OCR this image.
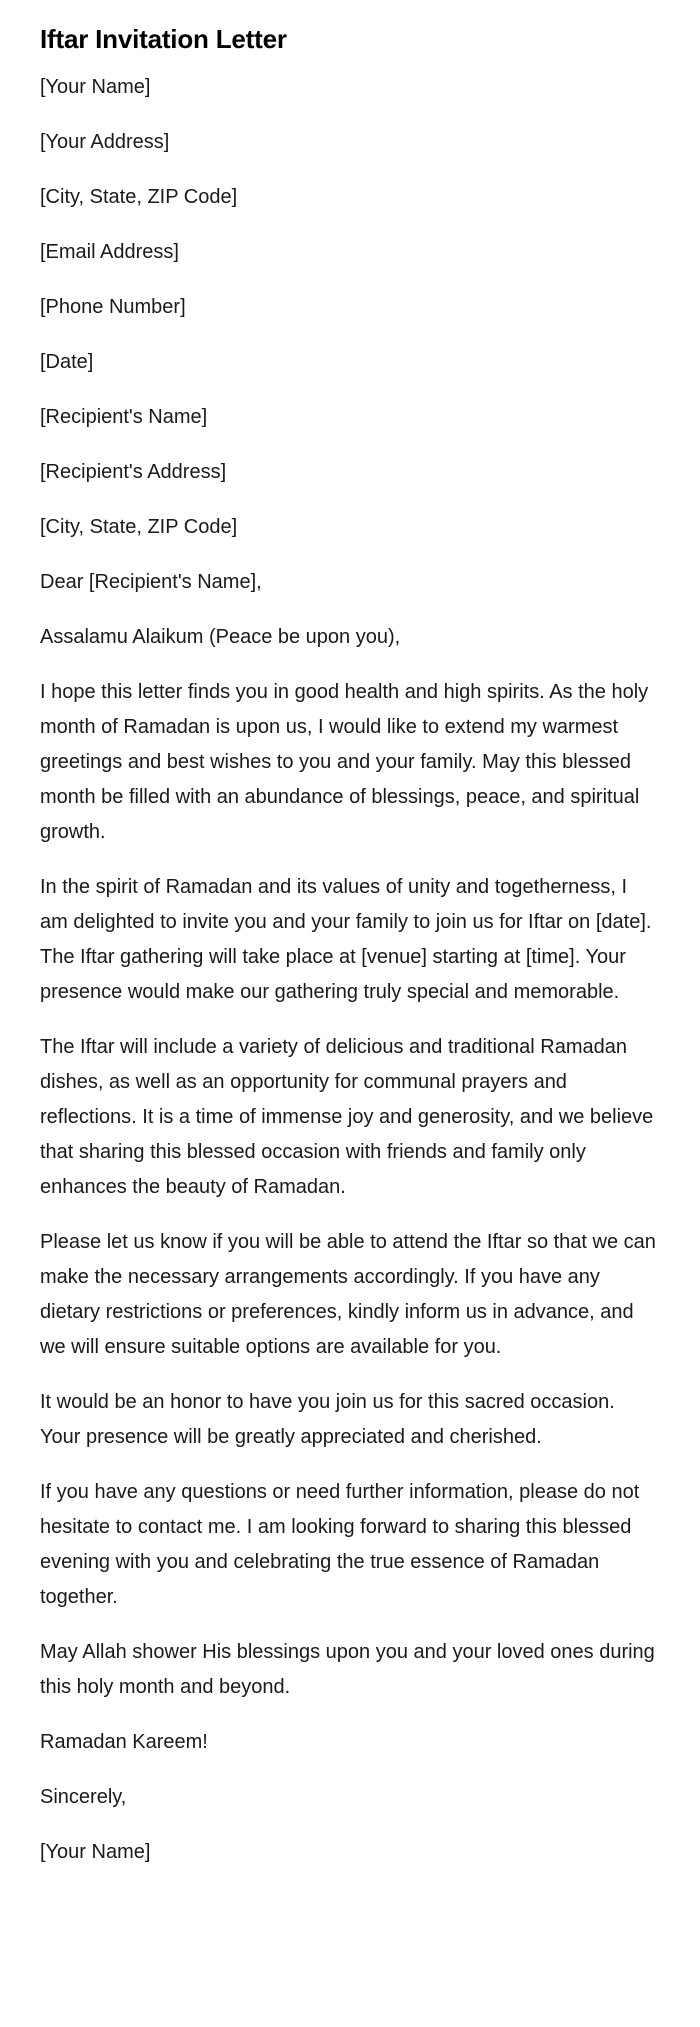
Iftar Invitation Letter

[Your Name]

[Your Address]

[City, State, ZIP Code]

[Email Address]

[Phone Number]

[Date]

[Recipient's Name]

[Recipient's Address]

[City, State, ZIP Code]

Dear [Recipient's Name],

Assalamu Alaikum (Peace be upon you),

I hope this letter finds you in good health and high spirits. As the holy month of Ramadan is upon us, I would like to extend my warmest greetings and best wishes to you and your family. May this blessed month be filled with an abundance of blessings, peace, and spiritual growth.

In the spirit of Ramadan and its values of unity and togetherness, I am delighted to invite you and your family to join us for Iftar on [date]. The Iftar gathering will take place at [venue] starting at [time]. Your presence would make our gathering truly special and memorable.

The Iftar will include a variety of delicious and traditional Ramadan dishes, as well as an opportunity for communal prayers and reflections. It is a time of immense joy and generosity, and we believe that sharing this blessed occasion with friends and family only enhances the beauty of Ramadan.

Please let us know if you will be able to attend the Iftar so that we can make the necessary arrangements accordingly. If you have any dietary restrictions or preferences, kindly inform us in advance, and we will ensure suitable options are available for you.

It would be an honor to have you join us for this sacred occasion. Your presence will be greatly appreciated and cherished.

If you have any questions or need further information, please do not hesitate to contact me. I am looking forward to sharing this blessed evening with you and celebrating the true essence of Ramadan together.

May Allah shower His blessings upon you and your loved ones during this holy month and beyond.

Ramadan Kareem!

Sincerely,

[Your Name]
